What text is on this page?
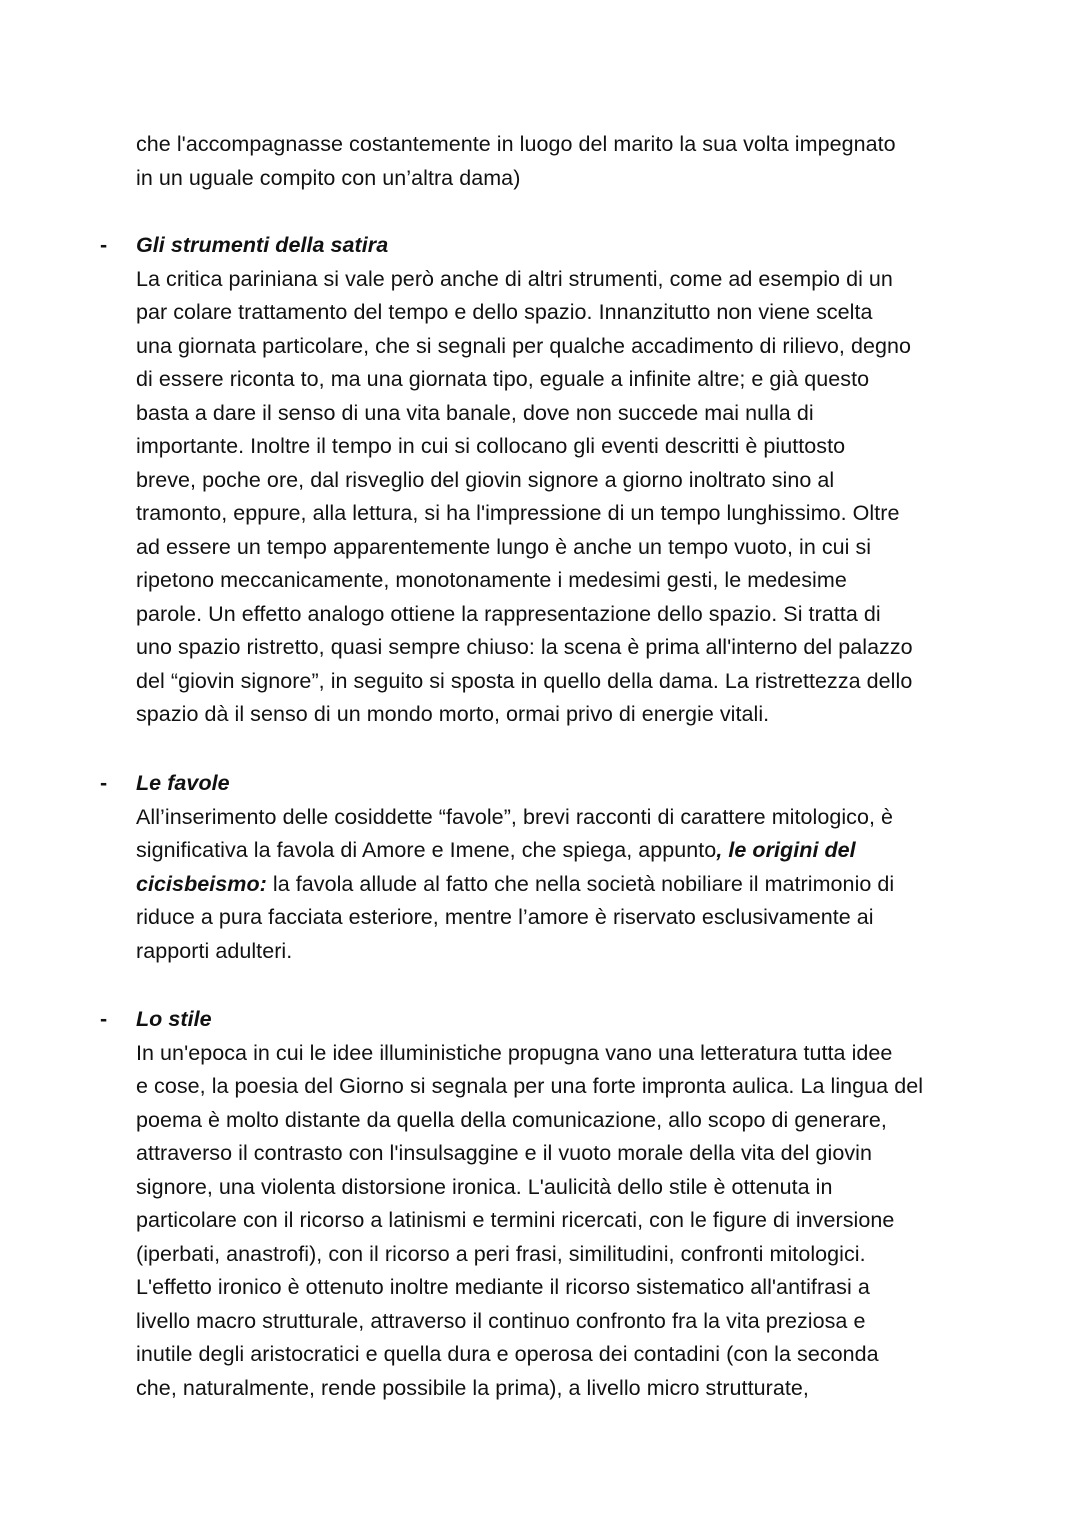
che l'accompagnasse costantemente in luogo del marito la sua volta impegnato
in un uguale compito con un’altra dama)
- Gli strumenti della satira
La critica pariniana si vale però anche di altri strumenti, come ad esempio di un
par colare trattamento del tempo e dello spazio. Innanzitutto non viene scelta
una giornata particolare, che si segnali per qualche accadimento di rilievo, degno
di essere riconta to, ma una giornata tipo, eguale a infinite altre; e già questo
basta a dare il senso di una vita banale, dove non succede mai nulla di
importante. Inoltre il tempo in cui si collocano gli eventi descritti è piuttosto
breve, poche ore, dal risveglio del giovin signore a giorno inoltrato sino al
tramonto, eppure, alla lettura, si ha l'impressione di un tempo lunghissimo. Oltre
ad essere un tempo apparentemente lungo è anche un tempo vuoto, in cui si
ripetono meccanicamente, monotonamente i medesimi gesti, le medesime
parole. Un effetto analogo ottiene la rappresentazione dello spazio. Si tratta di
uno spazio ristretto, quasi sempre chiuso: la scena è prima all'interno del palazzo
del “giovin signore”, in seguito si sposta in quello della dama. La ristrettezza dello
spazio dà il senso di un mondo morto, ormai privo di energie vitali.
- Le favole
All’inserimento delle cosiddette “favole”, brevi racconti di carattere mitologico, è
significativa la favola di Amore e Imene, che spiega, appunto, le origini del
cicisbeismo: la favola allude al fatto che nella società nobiliare il matrimonio di
riduce a pura facciata esteriore, mentre l’amore è riservato esclusivamente ai
rapporti adulteri.
- Lo stile
In un'epoca in cui le idee illuministiche propugna vano una letteratura tutta idee
e cose, la poesia del Giorno si segnala per una forte impronta aulica. La lingua del
poema è molto distante da quella della comunicazione, allo scopo di generare,
attraverso il contrasto con l'insulsaggine e il vuoto morale della vita del giovin
signore, una violenta distorsione ironica. L'aulicità dello stile è ottenuta in
particolare con il ricorso a latinismi e termini ricercati, con le figure di inversione
(iperbati, anastrofi), con il ricorso a peri frasi, similitudini, confronti mitologici.
L'effetto ironico è ottenuto inoltre mediante il ricorso sistematico all'antifrasi a
livello macro strutturale, attraverso il continuo confronto fra la vita preziosa e
inutile degli aristocratici e quella dura e operosa dei contadini (con la seconda
che, naturalmente, rende possibile la prima), a livello micro strutturate,
